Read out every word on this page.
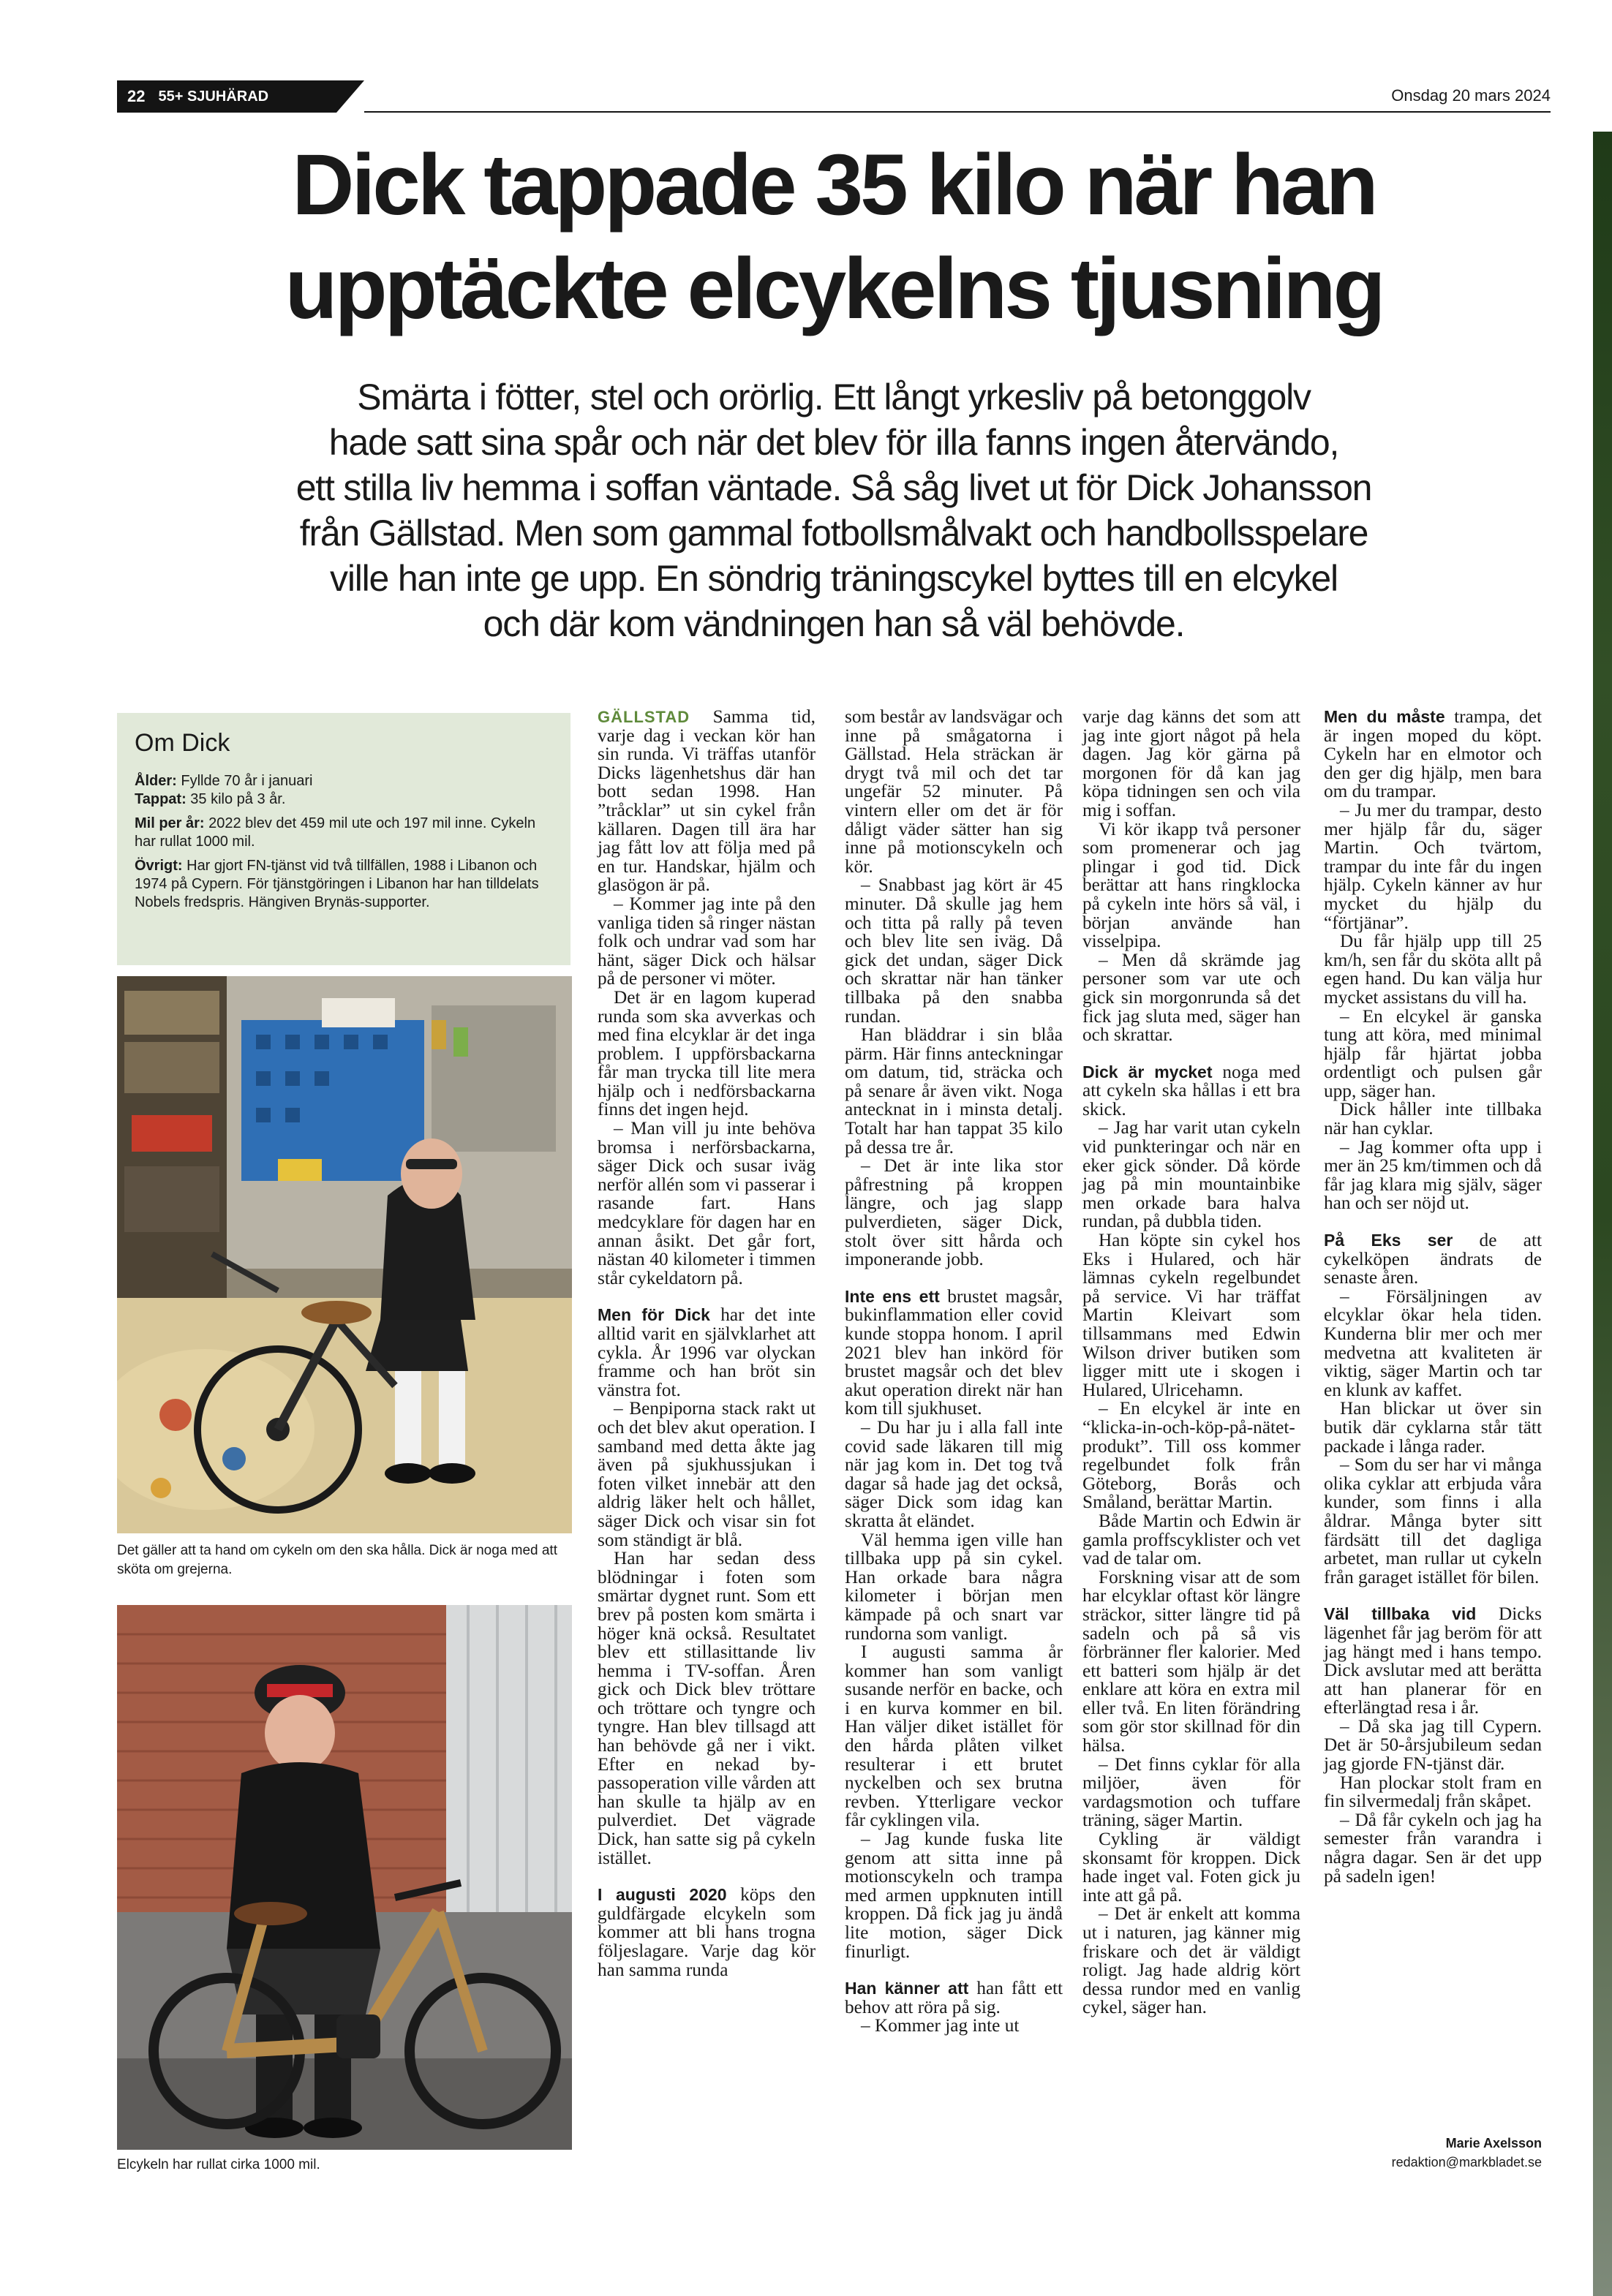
22 55+ SJUHÄRAD	Onsdag 20 mars 2024
Dick tappade 35 kilo när han
upptäckte elcykelns tjusning
Smärta i fötter, stel och orörlig. Ett långt yrkesliv på betonggolv
hade satt sina spår och när det blev för illa fanns ingen återvändo,
ett stilla liv hemma i soffan väntade. Så såg livet ut för Dick Johansson
från Gällstad. Men som gammal fotbollsmålvakt och handbollsspelare
ville han inte ge upp. En söndrig träningscykel byttes till en elcykel
och där kom vändningen han så väl behövde.
Om Dick

Ålder: Fyllde 70 år i januari
Tappat: 35 kilo på 3 år.

Mil per år: 2022 blev det 459 mil ute och 197 mil inne. Cykeln har rullat 1000 mil.

Övrigt: Har gjort FN-tjänst vid två tillfällen, 1988 i Libanon och 1974 på Cypern. För tjänstgöringen i Libanon har han tilldelats Nobels fredspris. Hängiven Brynäs-supporter.

Det gäller att ta hand om cykeln om den ska hålla. Dick är noga med att sköta om grejerna.
Elcykeln har rullat cirka 1000 mil.

GÄLLSTAD Samma tid, varje dag i veckan kör han sin runda. Vi träffas utanför Dicks lägenhetshus där han bott sedan 1998. Han ”tråcklar” ut sin cykel från källaren. Dagen till ära har jag fått lov att följa med på en tur. Handskar, hjälm och glasögon är på.

– Kommer jag inte på den vanliga tiden så ringer nästan folk och undrar vad som har hänt, säger Dick och hälsar på de personer vi möter.

Det är en lagom kuperad runda som ska avverkas och med fina elcyklar är det inga problem. I uppförsbackarna får man trycka till lite mera hjälp och i nedförsbackarna finns det ingen hejd.

– Man vill ju inte behöva bromsa i nerförsbackarna, säger Dick och susar iväg nerför allén som vi passerar i rasande fart. Hans medcyklare för dagen har en annan åsikt. Det går fort, nästan 40 kilometer i timmen står cykeldatorn på.

Men för Dick har det inte alltid varit en självklarhet att cykla. År 1996 var olyckan framme och han bröt sin vänstra fot.

– Benpiporna stack rakt ut och det blev akut operation. I samband med detta åkte jag även på sjukhussjukan i foten vilket innebär att den aldrig läker helt och hållet, säger Dick och visar sin fot som ständigt är blå.

Han har sedan dess blödningar i foten som smärtar dygnet runt. Som ett brev på posten kom smärta i höger knä också. Resultatet blev ett stillasittande liv hemma i TV-soffan. Åren gick och Dick blev tröttare och tröttare och tyngre och tyngre. Han blev tillsagd att han behövde gå ner i vikt. Efter en nekad by-passoperation ville vården att han skulle ta hjälp av en pulverdiet. Det vägrade Dick, han satte sig på cykeln istället.

I augusti 2020 köps den guldfärgade elcykeln som kommer att bli hans trogna följeslagare. Varje dag kör han samma runda

som består av landsvägar och inne på smågatorna i Gällstad. Hela sträckan är drygt två mil och det tar ungefär 52 minuter. På vintern eller om det är för dåligt väder sätter han sig inne på motionscykeln och kör.

– Snabbast jag kört är 45 minuter. Då skulle jag hem och titta på rally på teven och blev lite sen iväg. Då gick det undan, säger Dick och skrattar när han tänker tillbaka på den snabba rundan.

Han bläddrar i sin blåa pärm. Här finns anteckningar om datum, tid, sträcka och på senare år även vikt. Noga antecknat in i minsta detalj. Totalt har han tappat 35 kilo på dessa tre år.

– Det är inte lika stor påfrestning på kroppen längre, och jag slapp pulverdieten, säger Dick, stolt över sitt hårda och imponerande jobb.

Inte ens ett brustet magsår, bukinflammation eller covid kunde stoppa honom. I april 2021 blev han inkörd för brustet magsår och det blev akut operation direkt när han kom till sjukhuset.

– Du har ju i alla fall inte covid sade läkaren till mig när jag kom in. Det tog två dagar så hade jag det också, säger Dick som idag kan skratta åt eländet.

Väl hemma igen ville han tillbaka upp på sin cykel. Han orkade bara några kilometer i början men kämpade på och snart var rundorna som vanligt.

I augusti samma år kommer han som vanligt susande nerför en backe, och i en kurva kommer en bil. Han väljer diket istället för den hårda plåten vilket resulterar i ett brutet nyckelben och sex brutna revben. Ytterligare veckor får cyklingen vila.

– Jag kunde fuska lite genom att sitta inne på motionscykeln och trampa med armen uppknuten intill kroppen. Då fick jag ju ändå lite motion, säger Dick finurligt.

Han känner att han fått ett behov att röra på sig.

– Kommer jag inte ut

varje dag känns det som att jag inte gjort något på hela dagen. Jag kör gärna på morgonen för då kan jag köpa tidningen sen och vila mig i soffan.

Vi kör ikapp två personer som promenerar och jag plingar i god tid. Dick berättar att hans ringklocka på cykeln inte hörs så väl, i början använde han visselpipa.

– Men då skrämde jag personer som var ute och gick sin morgonrunda så det fick jag sluta med, säger han och skrattar.

Dick är mycket noga med att cykeln ska hållas i ett bra skick.

– Jag har varit utan cykeln vid punkteringar och när en eker gick sönder. Då körde jag på min mountainbike men orkade bara halva rundan, på dubbla tiden.

Han köpte sin cykel hos Eks i Hulared, och här lämnas cykeln regelbundet på service. Vi har träffat Martin Kleivart som tillsammans med Edwin Wilson driver butiken som ligger mitt ute i skogen i Hulared, Ulricehamn.

– En elcykel är inte en “klicka-in-och-köp-på-nätet-produkt”. Till oss kommer regelbundet folk från Göteborg, Borås och Småland, berättar Martin.

Både Martin och Edwin är gamla proffscyklister och vet vad de talar om.

Forskning visar att de som har elcyklar oftast kör längre sträckor, sitter längre tid på sadeln och på så vis förbränner fler kalorier. Med ett batteri som hjälp är det enklare att köra en extra mil eller två. En liten förändring som gör stor skillnad för din hälsa.

– Det finns cyklar för alla miljöer, även för vardagsmotion och tuffare träning, säger Martin.

Cykling är väldigt skonsamt för kroppen. Dick hade inget val. Foten gick ju inte att gå på.

– Det är enkelt att komma ut i naturen, jag känner mig friskare och det är väldigt roligt. Jag hade aldrig kört dessa rundor med en vanlig cykel, säger han.

Men du måste trampa, det är ingen moped du köpt. Cykeln har en elmotor och den ger dig hjälp, men bara om du trampar.

– Ju mer du trampar, desto mer hjälp får du, säger Martin. Och tvärtom, trampar du inte får du ingen hjälp. Cykeln känner av hur mycket du hjälp du “förtjänar”.

Du får hjälp upp till 25 km/h, sen får du sköta allt på egen hand. Du kan välja hur mycket assistans du vill ha.

– En elcykel är ganska tung att köra, med minimal hjälp får hjärtat jobba ordentligt och pulsen går upp, säger han.

Dick håller inte tillbaka när han cyklar.

– Jag kommer ofta upp i mer än 25 km/timmen och då får jag klara mig själv, säger han och ser nöjd ut.

På Eks ser de att cykelköpen ändrats de senaste åren.

– Försäljningen av elcyklar ökar hela tiden. Kunderna blir mer och mer medvetna att kvaliteten är viktig, säger Martin och tar en klunk av kaffet.

Han blickar ut över sin butik där cyklarna står tätt packade i långa rader.

– Som du ser har vi många olika cyklar att erbjuda våra kunder, som finns i alla åldrar. Många byter sitt färdsätt till det dagliga arbetet, man rullar ut cykeln från garaget istället för bilen.

Väl tillbaka vid Dicks lägenhet får jag beröm för att jag hängt med i hans tempo. Dick avslutar med att berätta att han planerar för en efterlängtad resa i år.

– Då ska jag till Cypern. Det är 50-årsjubileum sedan jag gjorde FN-tjänst där.

Han plockar stolt fram en fin silvermedalj från skåpet.

– Då får cykeln och jag ha semester från varandra i några dagar. Sen är det upp på sadeln igen!

Marie Axelsson
redaktion@markbladet.se
